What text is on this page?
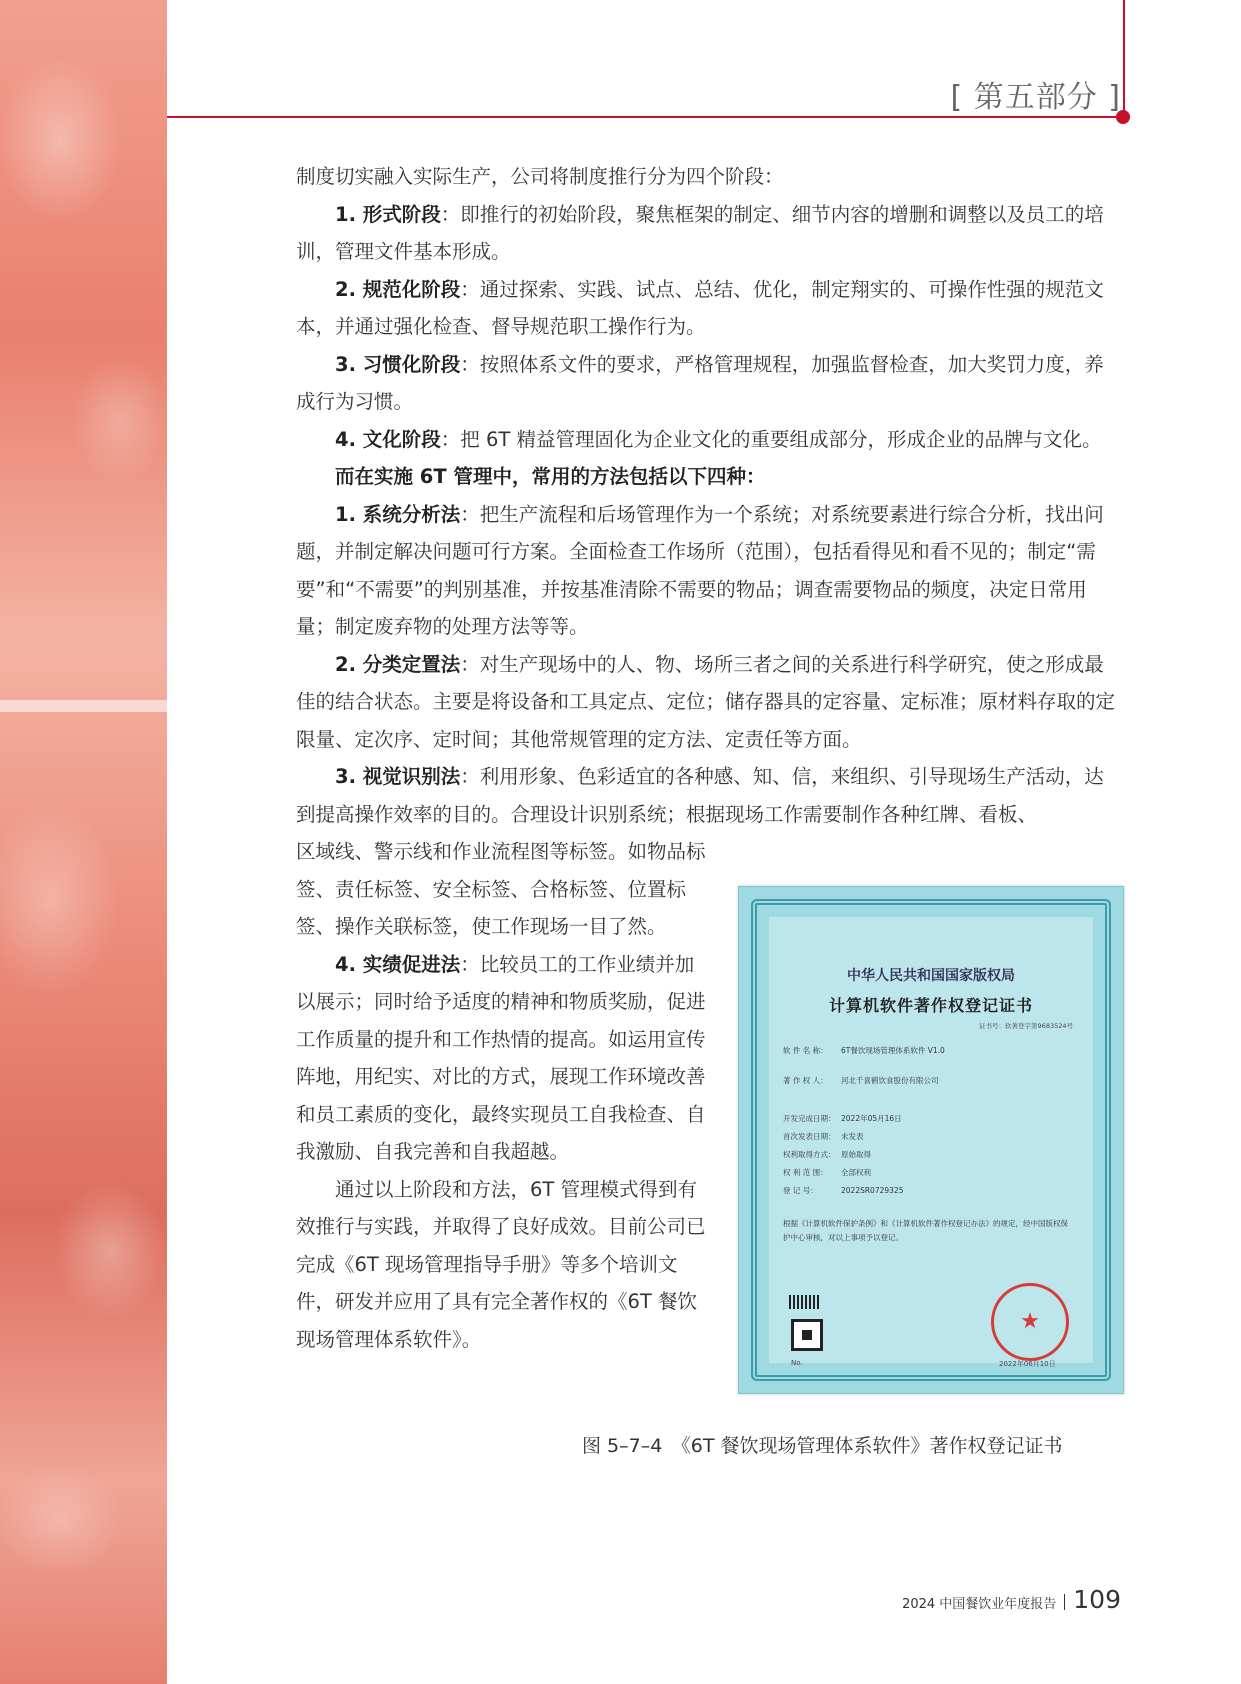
[ 第五部分 ]

制度切实融入实际生产，公司将制度推行分为四个阶段：

1. 形式阶段：即推行的初始阶段，聚焦框架的制定、细节内容的增删和调整以及员工的培训，管理文件基本形成。

2. 规范化阶段：通过探索、实践、试点、总结、优化，制定翔实的、可操作性强的规范文本，并通过强化检查、督导规范职工操作行为。

3. 习惯化阶段：按照体系文件的要求，严格管理规程，加强监督检查，加大奖罚力度，养成行为习惯。

4. 文化阶段：把 6T 精益管理固化为企业文化的重要组成部分，形成企业的品牌与文化。

而在实施 6T 管理中，常用的方法包括以下四种：

1. 系统分析法：把生产流程和后场管理作为一个系统；对系统要素进行综合分析，找出问题，并制定解决问题可行方案。全面检查工作场所（范围），包括看得见和看不见的；制定“需要”和“不需要”的判别基准，并按基准清除不需要的物品；调查需要物品的频度，决定日常用量；制定废弃物的处理方法等等。

2. 分类定置法：对生产现场中的人、物、场所三者之间的关系进行科学研究，使之形成最佳的结合状态。主要是将设备和工具定点、定位；储存器具的定容量、定标准；原材料存取的定限量、定次序、定时间；其他常规管理的定方法、定责任等方面。

3. 视觉识别法：利用形象、色彩适宜的各种感、知、信，来组织、引导现场生产活动，达到提高操作效率的目的。合理设计识别系统；根据现场工作需要制作各种红牌、看板、

区域线、警示线和作业流程图等标签。如物品标签、责任标签、安全标签、合格标签、位置标签、操作关联标签，使工作现场一目了然。

4. 实绩促进法：比较员工的工作业绩并加以展示；同时给予适度的精神和物质奖励，促进工作质量的提升和工作热情的提高。如运用宣传阵地，用纪实、对比的方式，展现工作环境改善和员工素质的变化，最终实现员工自我检查、自我激励、自我完善和自我超越。

通过以上阶段和方法，6T 管理模式得到有效推行与实践，并取得了良好成效。目前公司已完成《6T 现场管理指导手册》等多个培训文件，研发并应用了具有完全著作权的《6T 餐饮现场管理体系软件》。

中华人民共和国国家版权局
计算机软件著作权登记证书
证书号：软著登字第9683524号
软 件 名 称： 6T餐饮现场管理体系软件 V1.0
著 作 权 人： 河北千喜鹤饮食股份有限公司
开发完成日期： 2022年05月16日
首次发表日期： 未发表
权利取得方式： 原始取得
权 利 范 围： 全部权利
登 记 号：	2022SR0729325
根据《计算机软件保护条例》和《计算机软件著作权登记办法》的规定，经中国版权保护中心审核，对以上事项予以登记。
No.
★
2022年06月10日
图 5–7–4　《6T 餐饮现场管理体系软件》著作权登记证书
2024 中国餐饮业年度报告 109
